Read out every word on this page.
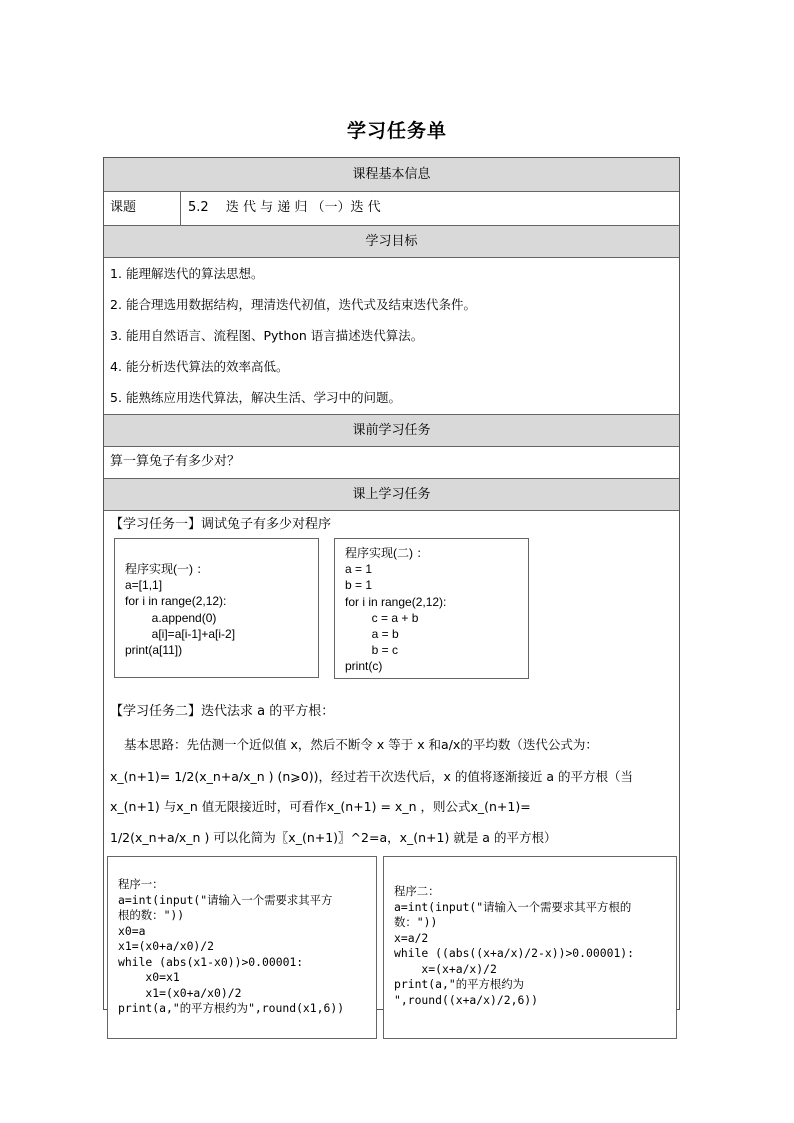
学习任务单
课程基本信息
课题	5.2　 迭 代 与 递 归 （一）迭 代
学习目标
1. 能理解迭代的算法思想。
2. 能合理选用数据结构，理清迭代初值，迭代式及结束迭代条件。
3. 能用自然语言、流程图、Python 语言描述迭代算法。
4. 能分析迭代算法的效率高低。
5. 能熟练应用迭代算法，解决生活、学习中的问题。
课前学习任务
算一算兔子有多少对？
课上学习任务
【学习任务一】调试兔子有多少对程序
程序实现(一) ：
a=[1,1]
for i in range(2,12):
a.append(0)
a[i]=a[i-1]+a[i-2]
print(a[11])
程序实现(二) ：
a = 1
b = 1
for i in range(2,12):
c = a + b
a = b
b = c
print(c)
【学习任务二】迭代法求 a 的平方根：
基本思路：先估测一个近似值 x，然后不断令 x 等于 x 和a/x的平均数（迭代公式为：
x_(n+1)= 1/2(x_n+a/x_n ) (n⩾0))，经过若干次迭代后，x 的值将逐渐接近 a 的平方根（当
x_(n+1) 与x_n 值无限接近时，可看作x_(n+1) = x_n ，则公式x_(n+1)=
1/2(x_n+a/x_n ) 可以化简为〖x_(n+1)〗^2=a，x_(n+1) 就是 a 的平方根）
程序一：
a=int(input("请输入一个需要求其平方
根的数："))
x0=a
x1=(x0+a/x0)/2
while (abs(x1-x0))>0.00001:
x0=x1
x1=(x0+a/x0)/2
print(a,"的平方根约为",round(x1,6))
程序二：
a=int(input("请输入一个需要求其平方根的
数："))
x=a/2
while ((abs((x+a/x)/2-x))>0.00001):
x=(x+a/x)/2
print(a,"的平方根约为
",round((x+a/x)/2,6))
